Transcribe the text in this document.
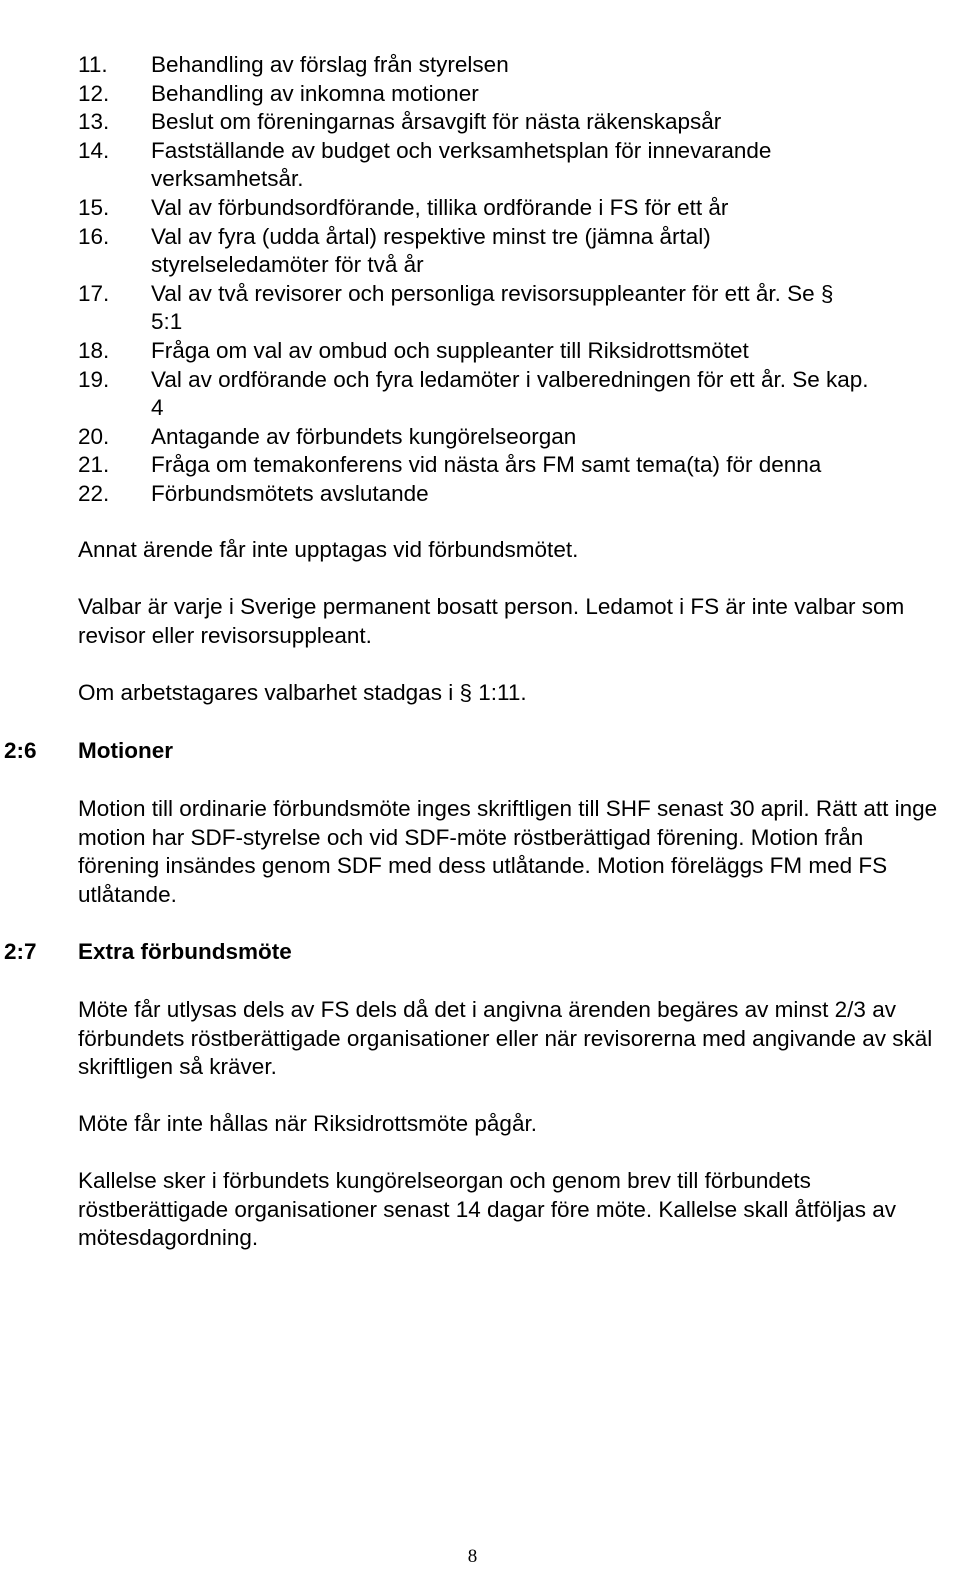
11.	Behandling av förslag från styrelsen
12.	Behandling av inkomna motioner
13.	Beslut om föreningarnas årsavgift för nästa räkenskapsår
14.	Fastställande av budget och verksamhetsplan för innevarande verksamhetsår.
15.	Val av förbundsordförande, tillika ordförande i FS för ett år
16.	Val av fyra (udda årtal) respektive minst tre (jämna årtal) styrelseledamöter för två år
17.	Val av två revisorer och personliga revisorsuppleanter för ett år. Se § 5:1
18.	Fråga om val av ombud och suppleanter till Riksidrottsmötet
19.	Val av ordförande och fyra ledamöter i valberedningen för ett år. Se kap. 4
20.	Antagande av förbundets kungörelseorgan
21.	Fråga om temakonferens vid nästa års FM samt tema(ta) för denna
22.	Förbundsmötets avslutande

Annat ärende får inte upptagas vid förbundsmötet.

Valbar är varje i Sverige permanent bosatt person. Ledamot i FS är inte valbar som revisor eller revisorsuppleant.

Om arbetstagares valbarhet stadgas i § 1:11.

2:6	Motioner

Motion till ordinarie förbundsmöte inges skriftligen till SHF senast 30 april. Rätt att inge motion har SDF-styrelse och vid SDF-möte röstberättigad förening. Motion från förening insändes genom SDF med dess utlåtande. Motion föreläggs FM med FS utlåtande.

2:7	Extra förbundsmöte

Möte får utlysas dels av FS dels då det i angivna ärenden begäres av minst 2/3 av förbundets röstberättigade organisationer eller när revisorerna med angivande av skäl skriftligen så kräver.

Möte får inte hållas när Riksidrottsmöte pågår.

Kallelse sker i förbundets kungörelseorgan och genom brev till förbundets röstberättigade organisationer senast 14 dagar före möte. Kallelse skall åtföljas av mötesdagordning.

8
